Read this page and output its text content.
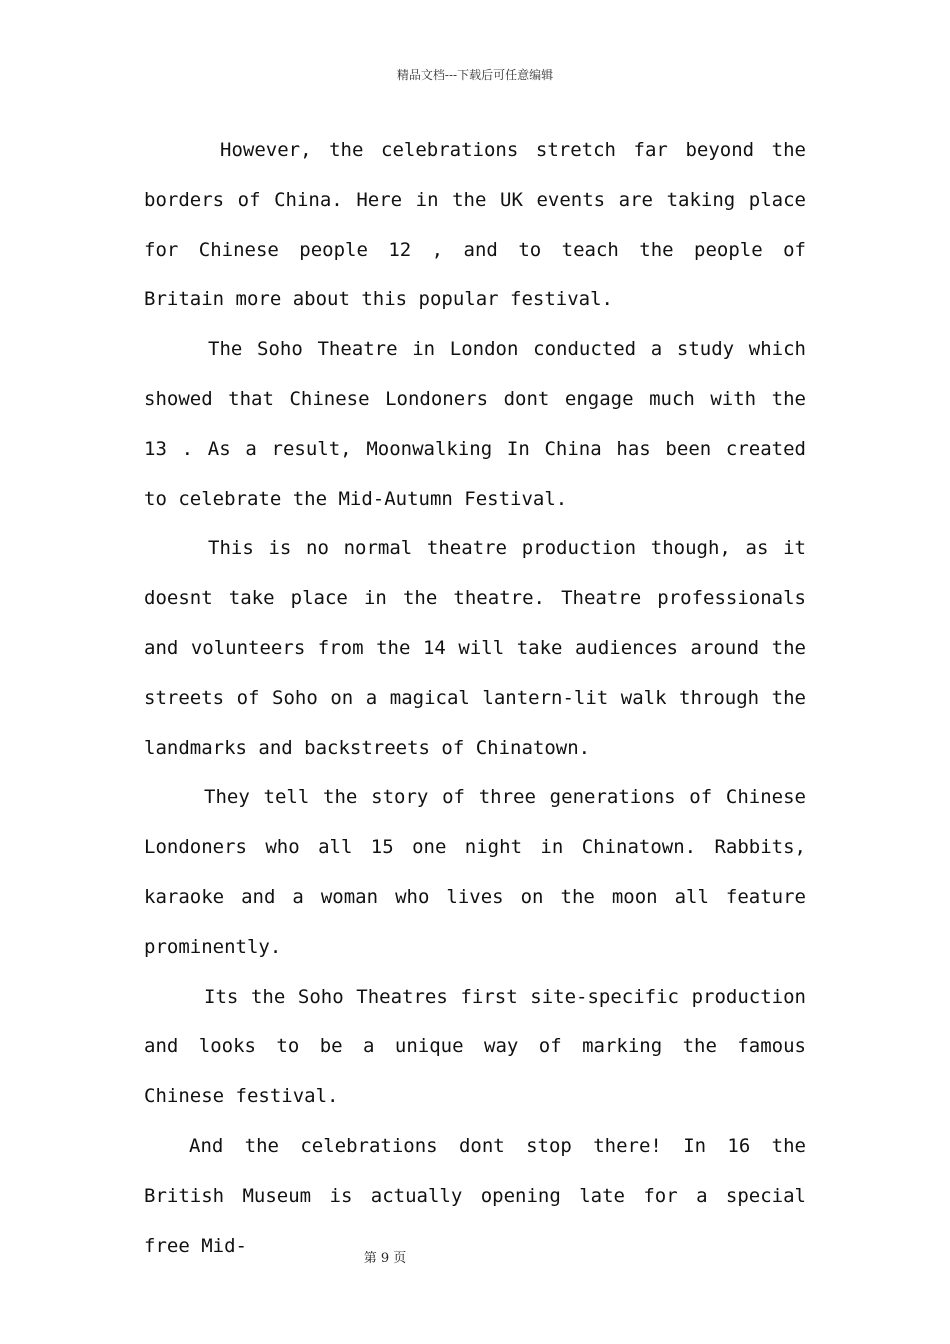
精品文档---下载后可任意编辑

However, the celebrations stretch far beyond the borders of China. Here in the UK events are taking place for Chinese people 12 , and to teach the people of Britain more about this popular festival.

The Soho Theatre in London conducted a study which showed that Chinese Londoners dont engage much with the 13 . As a result, Moonwalking In China has been created to celebrate the Mid-Autumn Festival.

This is no normal theatre production though, as it doesnt take place in the theatre. Theatre professionals and volunteers from the 14 will take audiences around the streets of Soho on a magical lantern-lit walk through the landmarks and backstreets of Chinatown.

They tell the story of three generations of Chinese Londoners who all 15 one night in Chinatown. Rabbits, karaoke and a woman who lives on the moon all feature prominently.

Its the Soho Theatres first site-specific production and looks to be a unique way of marking the famous Chinese festival.

And the celebrations dont stop there! In 16 the British Museum is actually opening late for a special free Mid-

第 9 页
